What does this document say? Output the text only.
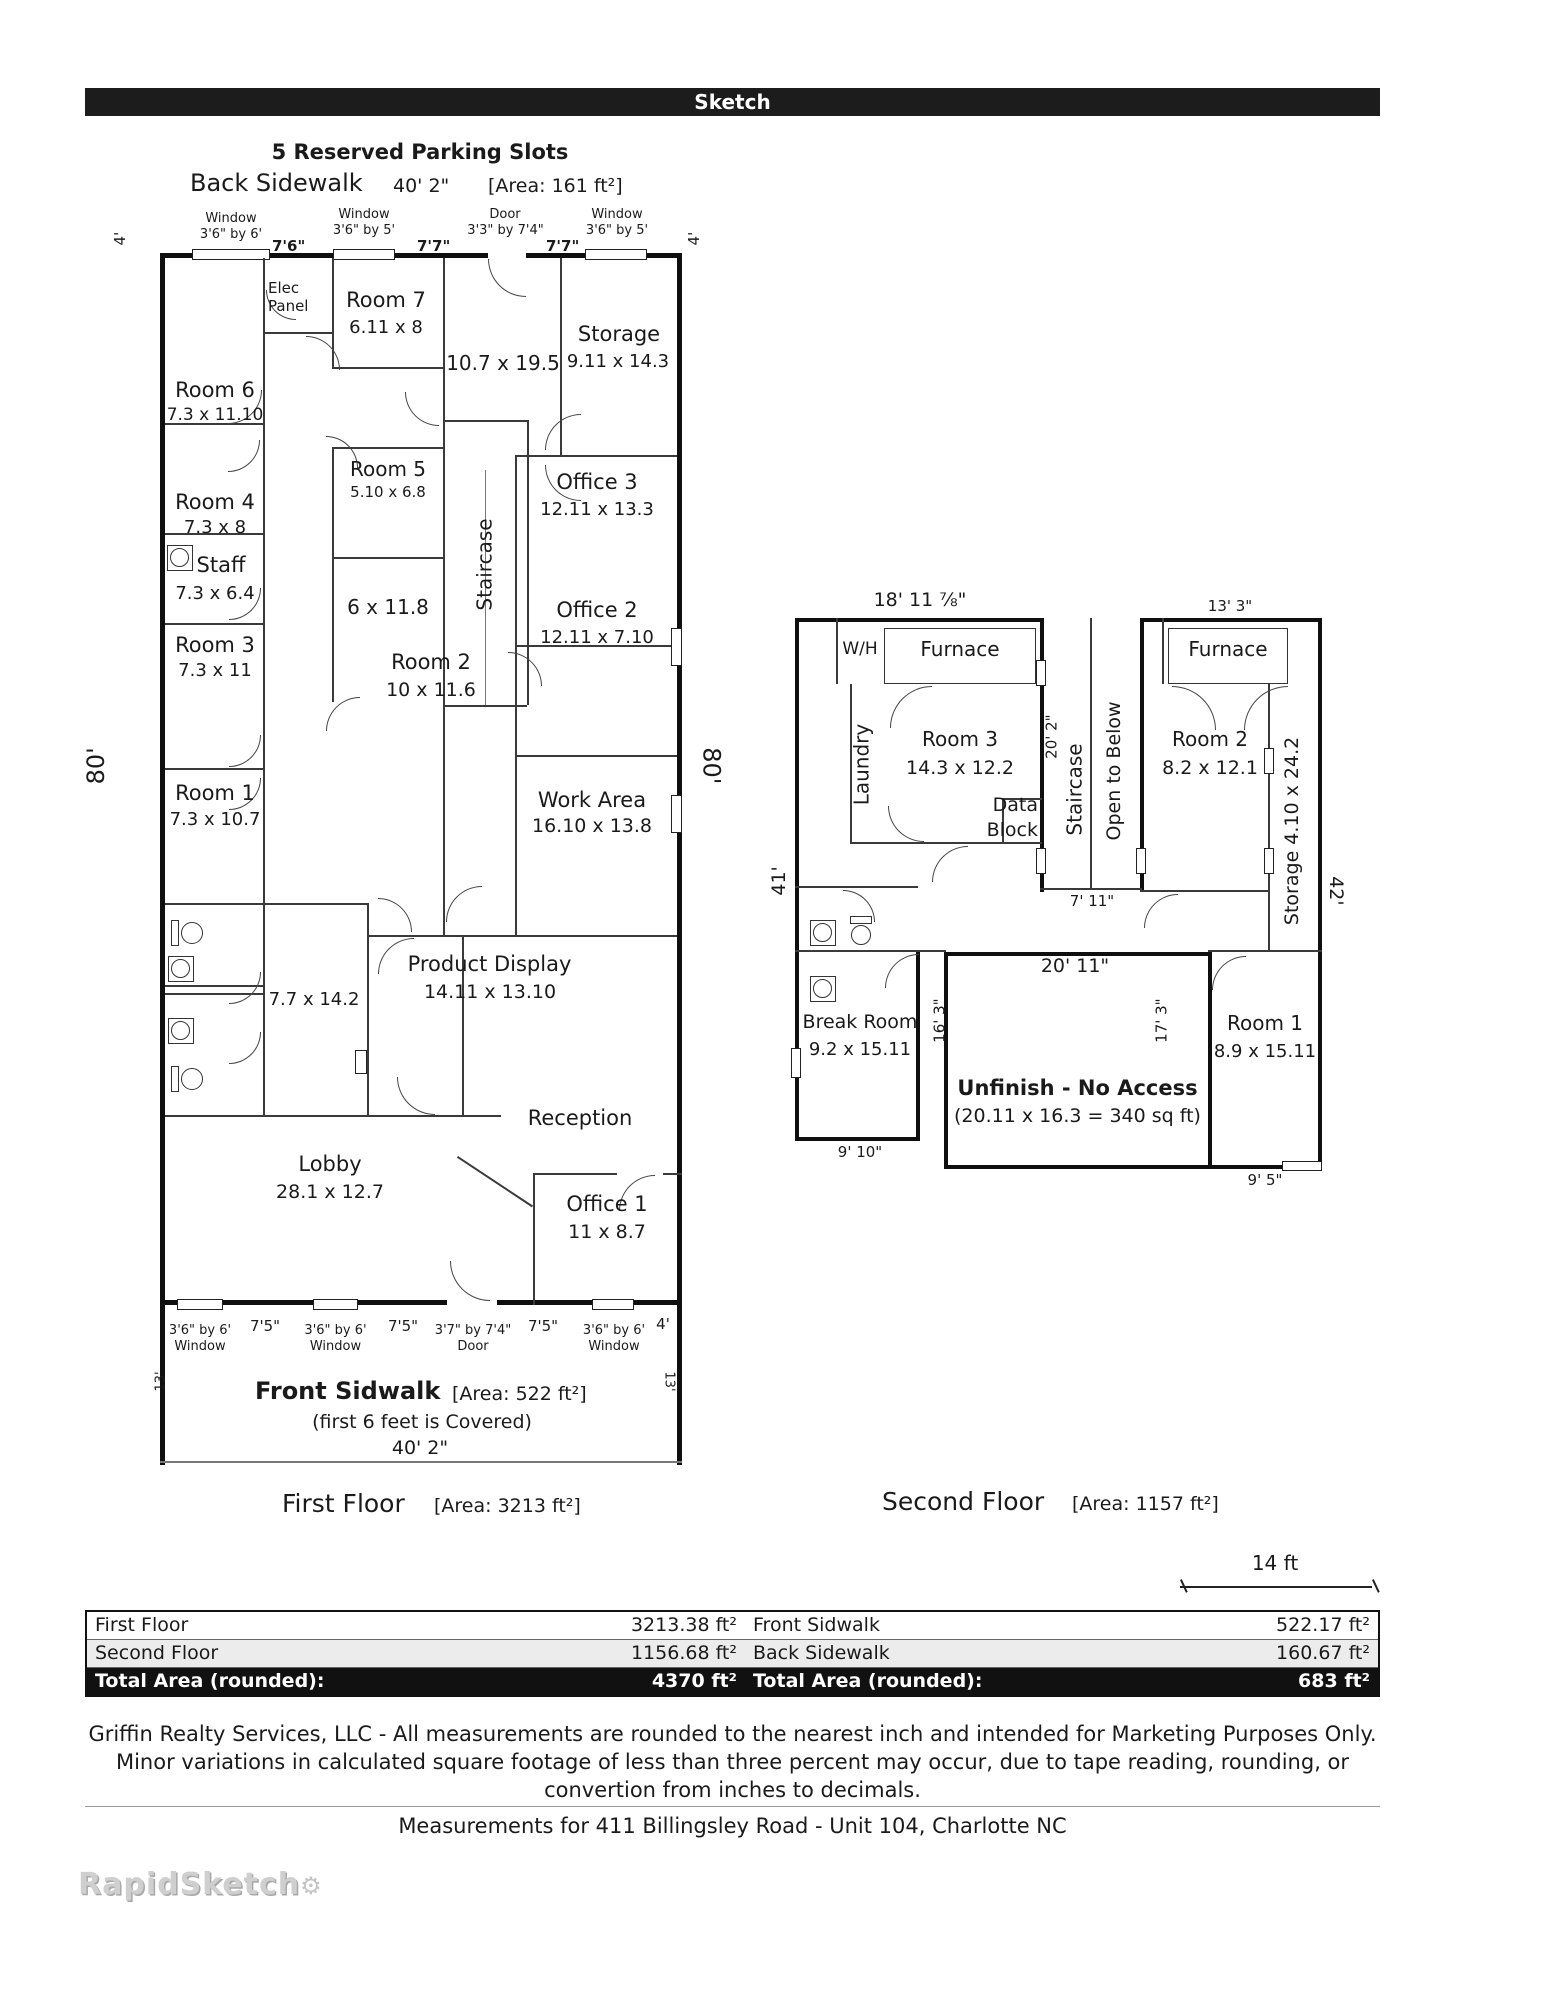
Sketch
5 Reserved Parking Slots
Back Sidewalk 40' 2" [Area: 161 ft²]
4'	4'
Window
3'6" by 6'
7'6"
Window
3'6" by 5'
7'7"
Door
3'3" by 7'4"
7'7"
Window
3'6" by 5'
80'	80'
Room 6
7.3 x 11.10
Elec
Panel	Room 7
6.11 x 8
10.7 x 19.5
Storage
9.11 x 14.3
Room 4
7.3 x 8
Room 5
5.10 x 6.8
Staff
7.3 x 6.4
6 x 11.8	Staircase
Office 3
12.11 x 13.3
Office 2
12.11 x 7.10
Room 3
7.3 x 11	Room 2
10 x 11.6
Room 1
7.3 x 10.7
Work Area
16.10 x 13.8
7.7 x 14.2
Product Display
14.11 x 13.10
Reception
Lobby
28.1 x 12.7	Office 1
11 x 8.7
3'6" by 6'
Window
7'5"	3'6" by 6'
Window
7'5"	3'7" by 7'4"
Door
7'5"	3'6" by 6'
Window
4'
13'	13'
Front Sidwalk [Area: 522 ft²]
(first 6 feet is Covered)
40' 2"
First Floor [Area: 3213 ft²]	Second Floor [Area: 1157 ft²]
18' 11 ⅞"	13' 3"
W/H	Furnace
Laundry	Room 3
14.3 x 12.2
Data
Block
20' 2"
Staircase Open to Below
Furnace
Room 2
8.2 x 12.1	Storage 4.10 x 24.2
41'	42'
7' 11"
20' 11"
Break Room
9.2 x 15.11
16' 3"	17' 3"	Room 1
8.9 x 15.11
Unfinish - No Access
(20.11 x 16.3 = 340 sq ft)
9' 10"
9' 5"
14 ft
First Floor	3213.38 ft² Front Sidwalk	522.17 ft²
Second Floor	1156.68 ft² Back Sidewalk	160.67 ft²
Total Area (rounded):	4370 ft² Total Area (rounded):	683 ft²
Griffin Realty Services, LLC - All measurements are rounded to the nearest inch and intended for Marketing Purposes Only.
Minor variations in calculated square footage of less than three percent may occur, due to tape reading, rounding, or
convertion from inches to decimals.
Measurements for 411 Billingsley Road - Unit 104, Charlotte NC
RapidSketch⚙
